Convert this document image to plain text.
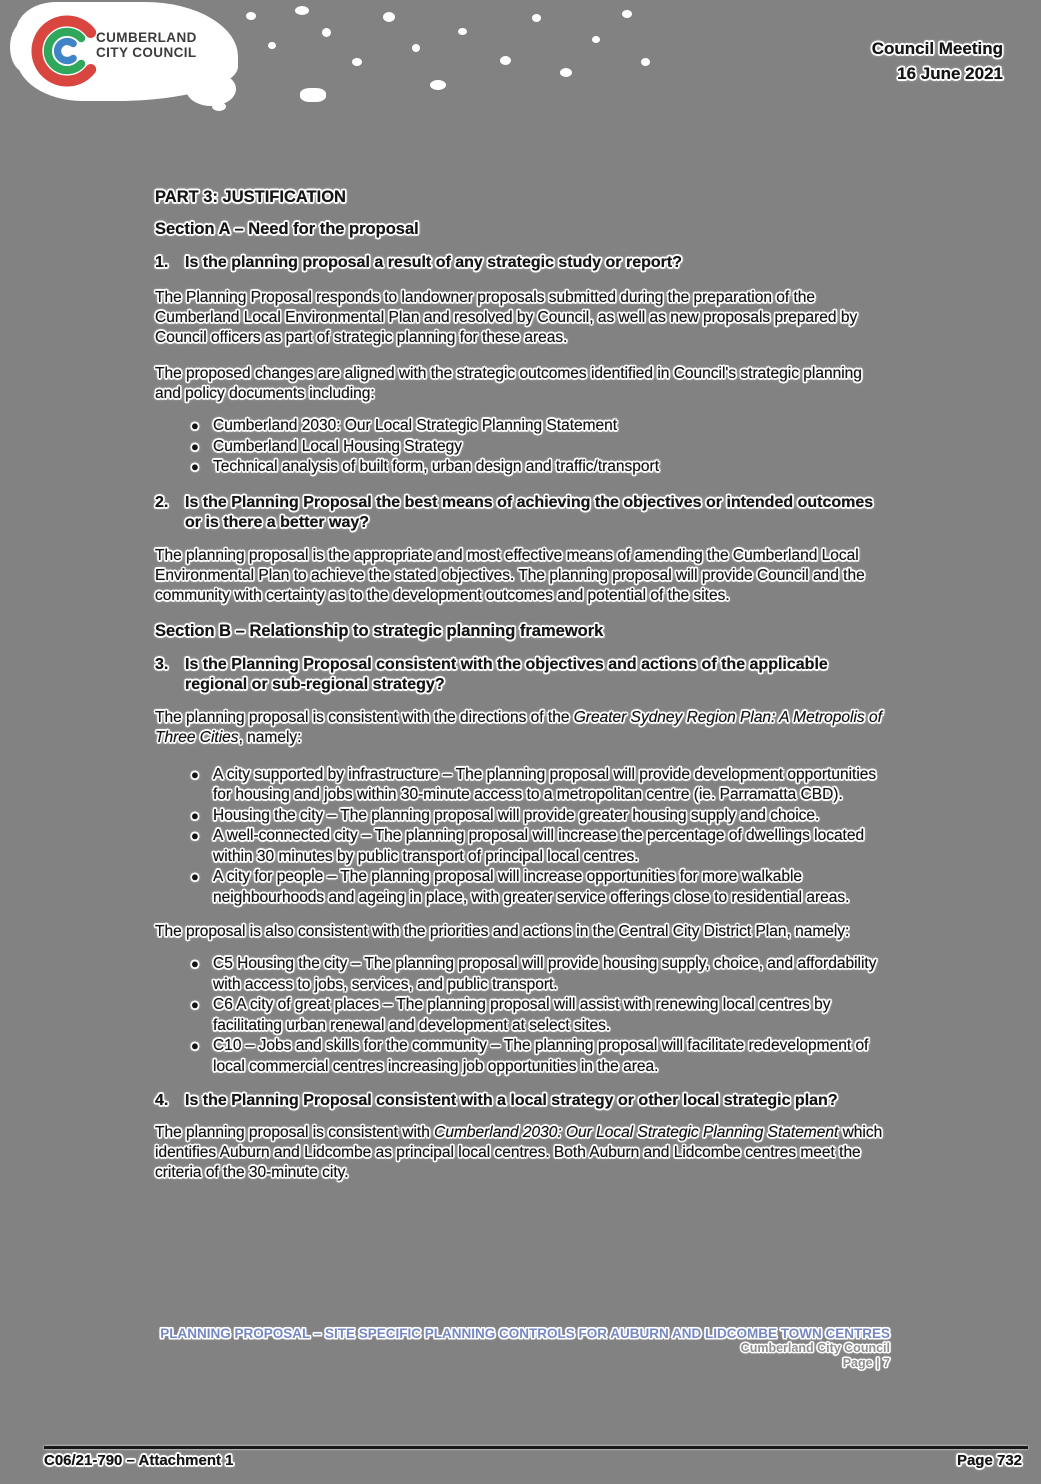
CUMBERLAND
CITY COUNCIL	Council Meeting
16 June 2021
PART 3: JUSTIFICATION
Section A – Need for the proposal
1.	Is the planning proposal a result of any strategic study or report?

The Planning Proposal responds to landowner proposals submitted during the preparation of the Cumberland Local Environmental Plan and resolved by Council, as well as new proposals prepared by Council officers as part of strategic planning for these areas.

The proposed changes are aligned with the strategic outcomes identified in Council's strategic planning and policy documents including:

● Cumberland 2030: Our Local Strategic Planning Statement
● Cumberland Local Housing Strategy
● Technical analysis of built form, urban design and traffic/transport
2.	Is the Planning Proposal the best means of achieving the objectives or intended outcomes or is there a better way?

The planning proposal is the appropriate and most effective means of amending the Cumberland Local Environmental Plan to achieve the stated objectives. The planning proposal will provide Council and the community with certainty as to the development outcomes and potential of the sites.

Section B – Relationship to strategic planning framework
3.	Is the Planning Proposal consistent with the objectives and actions of the applicable regional or sub-regional strategy?

The planning proposal is consistent with the directions of the Greater Sydney Region Plan: A Metropolis of Three Cities, namely:

● A city supported by infrastructure – The planning proposal will provide development opportunities for housing and jobs within 30-minute access to a metropolitan centre (ie. Parramatta CBD).
● Housing the city – The planning proposal will provide greater housing supply and choice.
● A well-connected city – The planning proposal will increase the percentage of dwellings located within 30 minutes by public transport of principal local centres.
● A city for people – The planning proposal will increase opportunities for more walkable neighbourhoods and ageing in place, with greater service offerings close to residential areas.

The proposal is also consistent with the priorities and actions in the Central City District Plan, namely:

● C5 Housing the city – The planning proposal will provide housing supply, choice, and affordability with access to jobs, services, and public transport.
● C6 A city of great places – The planning proposal will assist with renewing local centres by facilitating urban renewal and development at select sites.
● C10 – Jobs and skills for the community – The planning proposal will facilitate redevelopment of local commercial centres increasing job opportunities in the area.
4.	Is the Planning Proposal consistent with a local strategy or other local strategic plan?

The planning proposal is consistent with Cumberland 2030: Our Local Strategic Planning Statement which identifies Auburn and Lidcombe as principal local centres. Both Auburn and Lidcombe centres meet the criteria of the 30-minute city.

PLANNING PROPOSAL – SITE SPECIFIC PLANNING CONTROLS FOR AUBURN AND LIDCOMBE TOWN CENTRES
Cumberland City Council
Page | 7
C06/21-790 – Attachment 1	Page 732
